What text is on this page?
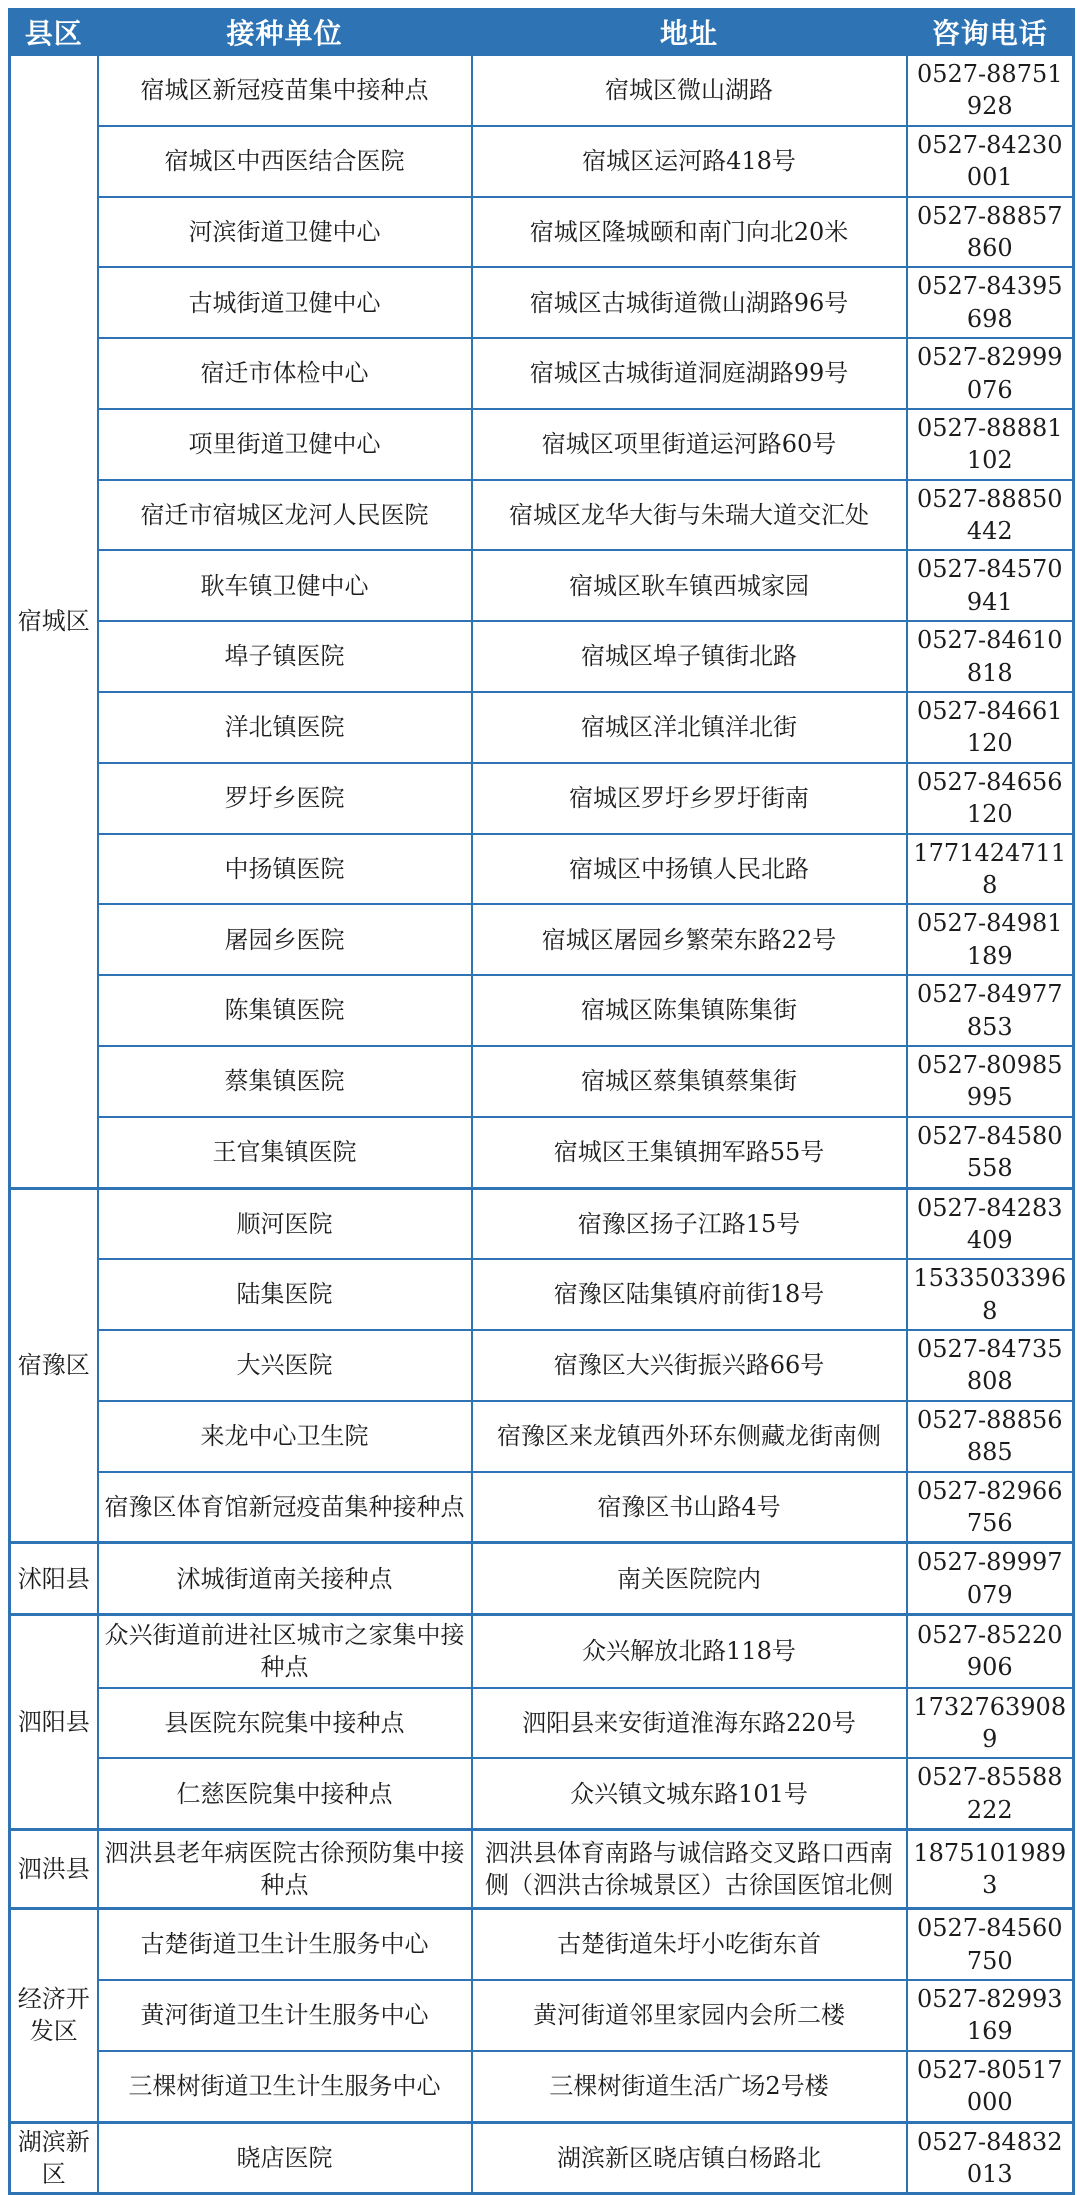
县区	接种单位	地址	咨询电话
宿城区	宿城区新冠疫苗集中接种点	宿城区微山湖路	0527-88751928
	宿城区中西医结合医院	宿城区运河路418号	0527-84230001
	河滨街道卫健中心	宿城区隆城颐和南门向北20米	0527-88857860
	古城街道卫健中心	宿城区古城街道微山湖路96号	0527-84395698
	宿迁市体检中心	宿城区古城街道洞庭湖路99号	0527-82999076
	项里街道卫健中心	宿城区项里街道运河路60号	0527-88881102
	宿迁市宿城区龙河人民医院	宿城区龙华大街与朱瑞大道交汇处	0527-88850442
	耿车镇卫健中心	宿城区耿车镇西城家园	0527-84570941
	埠子镇医院	宿城区埠子镇街北路	0527-84610818
	洋北镇医院	宿城区洋北镇洋北街	0527-84661120
	罗圩乡医院	宿城区罗圩乡罗圩街南	0527-84656120
	中扬镇医院	宿城区中扬镇人民北路	17714247118
	屠园乡医院	宿城区屠园乡繁荣东路22号	0527-84981189
	陈集镇医院	宿城区陈集镇陈集街	0527-84977853
	蔡集镇医院	宿城区蔡集镇蔡集街	0527-80985995
	王官集镇医院	宿城区王集镇拥军路55号	0527-84580558
宿豫区	顺河医院	宿豫区扬子江路15号	0527-84283409
	陆集医院	宿豫区陆集镇府前街18号	15335033968
	大兴医院	宿豫区大兴街振兴路66号	0527-84735808
	来龙中心卫生院	宿豫区来龙镇西外环东侧藏龙街南侧	0527-88856885
	宿豫区体育馆新冠疫苗集种接种点	宿豫区书山路4号	0527-82966756
沭阳县	沭城街道南关接种点	南关医院院内	0527-89997079
泗阳县	众兴街道前进社区城市之家集中接种点	众兴解放北路118号	0527-85220906
	县医院东院集中接种点	泗阳县来安街道淮海东路220号	17327639089
	仁慈医院集中接种点	众兴镇文城东路101号	0527-85588222
泗洪县	泗洪县老年病医院古徐预防集中接种点	泗洪县体育南路与诚信路交叉路口西南侧（泗洪古徐城景区）古徐国医馆北侧	18751019893
经济开发区	古楚街道卫生计生服务中心	古楚街道朱圩小吃街东首	0527-84560750
	黄河街道卫生计生服务中心	黄河街道邻里家园内会所二楼	0527-82993169
	三棵树街道卫生计生服务中心	三棵树街道生活广场2号楼	0527-80517000
湖滨新区	晓店医院	湖滨新区晓店镇白杨路北	0527-84832013
